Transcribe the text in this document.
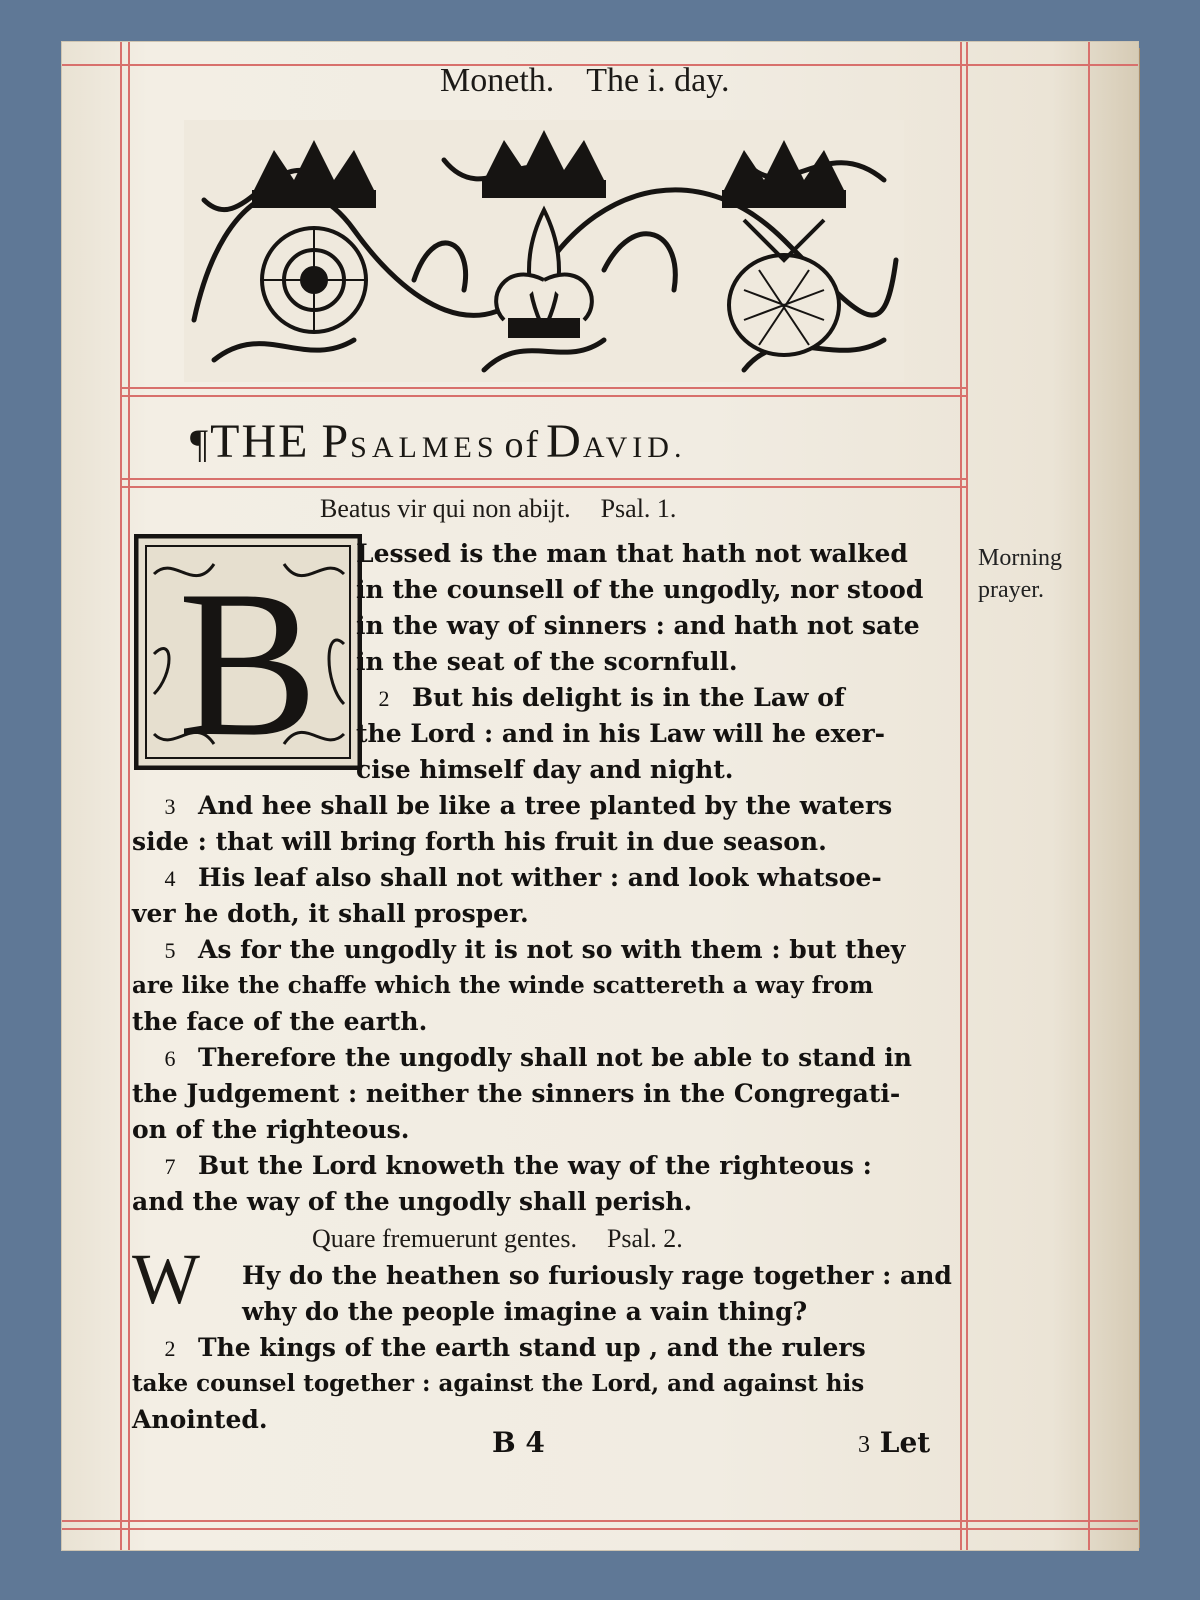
Moneth. The i. day.
¶THE PSALMES of DAVID.
Beatus vir qui non abijt. Psal. 1.
B Lessed is the man that hath not walked
in the counsell of the ungodly, nor stood
in the way of sinners : and hath not sate
in the seat of the scornfull.
2 But his delight is in the Law of
the Lord : and in his Law will he exer-
cise himself day and night.
3 And hee shall be like a tree planted by the waters
side : that will bring forth his fruit in due season.
4 His leaf also shall not wither : and look whatsoe-
ver he doth, it shall prosper.
5 As for the ungodly it is not so with them : but they
are like the chaffe which the winde scattereth a way from
the face of the earth.
6 Therefore the ungodly shall not be able to stand in
the Judgement : neither the sinners in the Congregati-
on of the righteous.
7 But the Lord knoweth the way of the righteous :
and the way of the ungodly shall perish.
Morning
prayer.
Quare fremuerunt gentes. Psal. 2.
W Hy do the heathen so furiously rage together : and
why do the people imagine a vain thing?
2 The kings of the earth stand up , and the rulers
take counsel together : against the Lord, and against his
Anointed.
B 4	3 Let
